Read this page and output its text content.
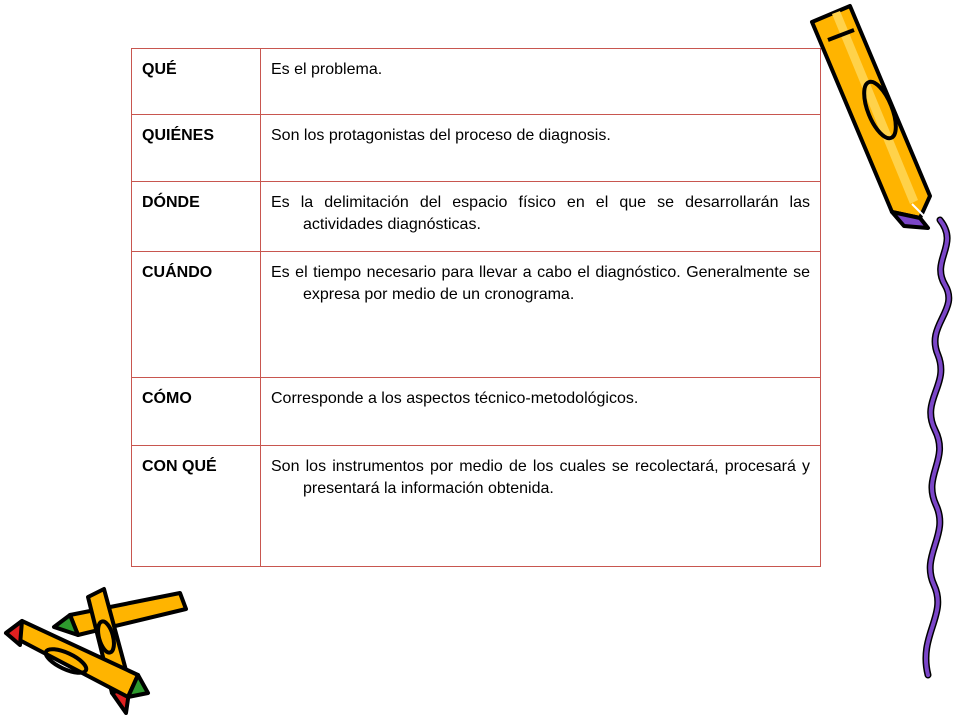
QUÉ	Es el problema.

QUIÉNES	Son los protagonistas del proceso de diagnosis.

DÓNDE	Es la delimitación del espacio físico en el que se desarrollarán las actividades diagnósticas.

CUÁNDO	Es el tiempo necesario para llevar a cabo el diagnóstico. Generalmente se expresa por medio de un cronograma.

CÓMO	Corresponde a los aspectos técnico-metodológicos.

CON QUÉ	Son los instrumentos por medio de los cuales se recolectará, procesará y presentará la información obtenida.
